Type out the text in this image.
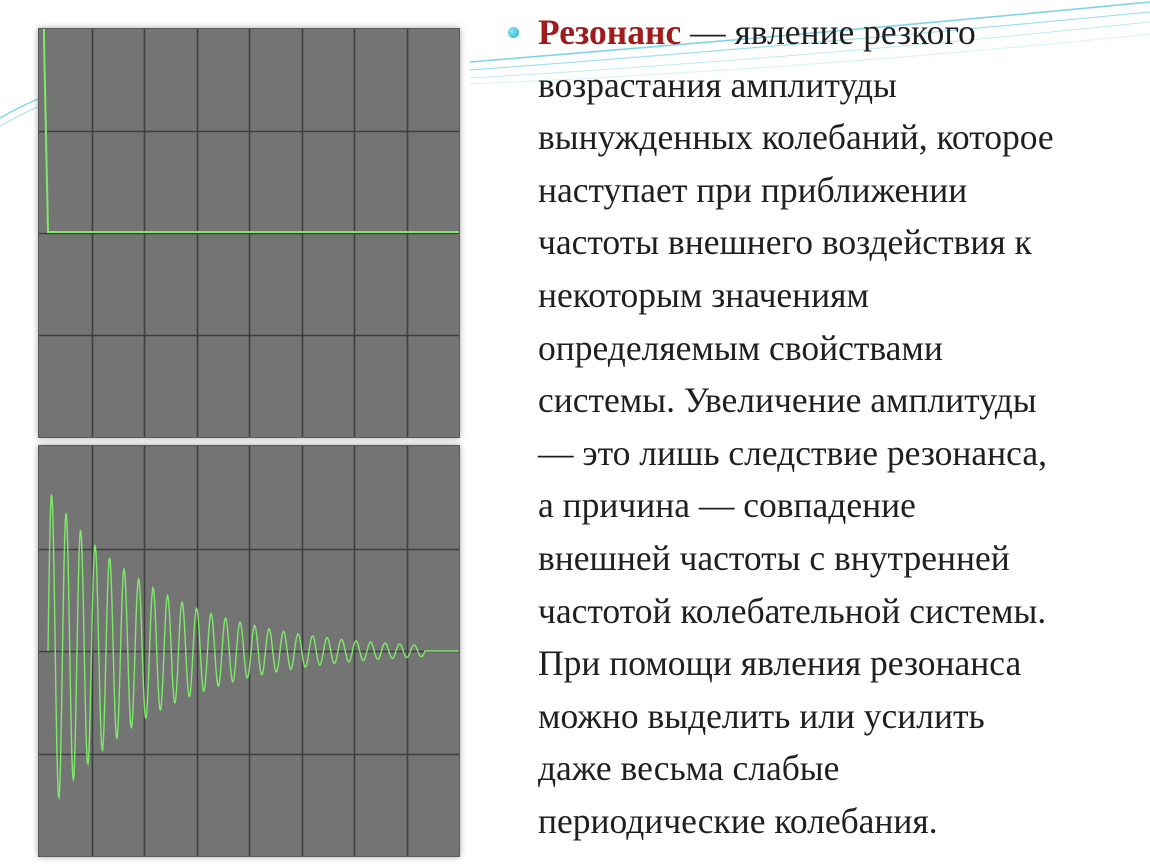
Резонанс — явление резкого
возрастания амплитуды
вынужденных колебаний, которое
наступает при приближении
частоты внешнего воздействия к
некоторым значениям
определяемым свойствами
системы. Увеличение амплитуды
— это лишь следствие резонанса,
а причина — совпадение
внешней частоты с внутренней
частотой колебательной системы.
При помощи явления резонанса
можно выделить или усилить
даже весьма слабые
периодические колебания.
